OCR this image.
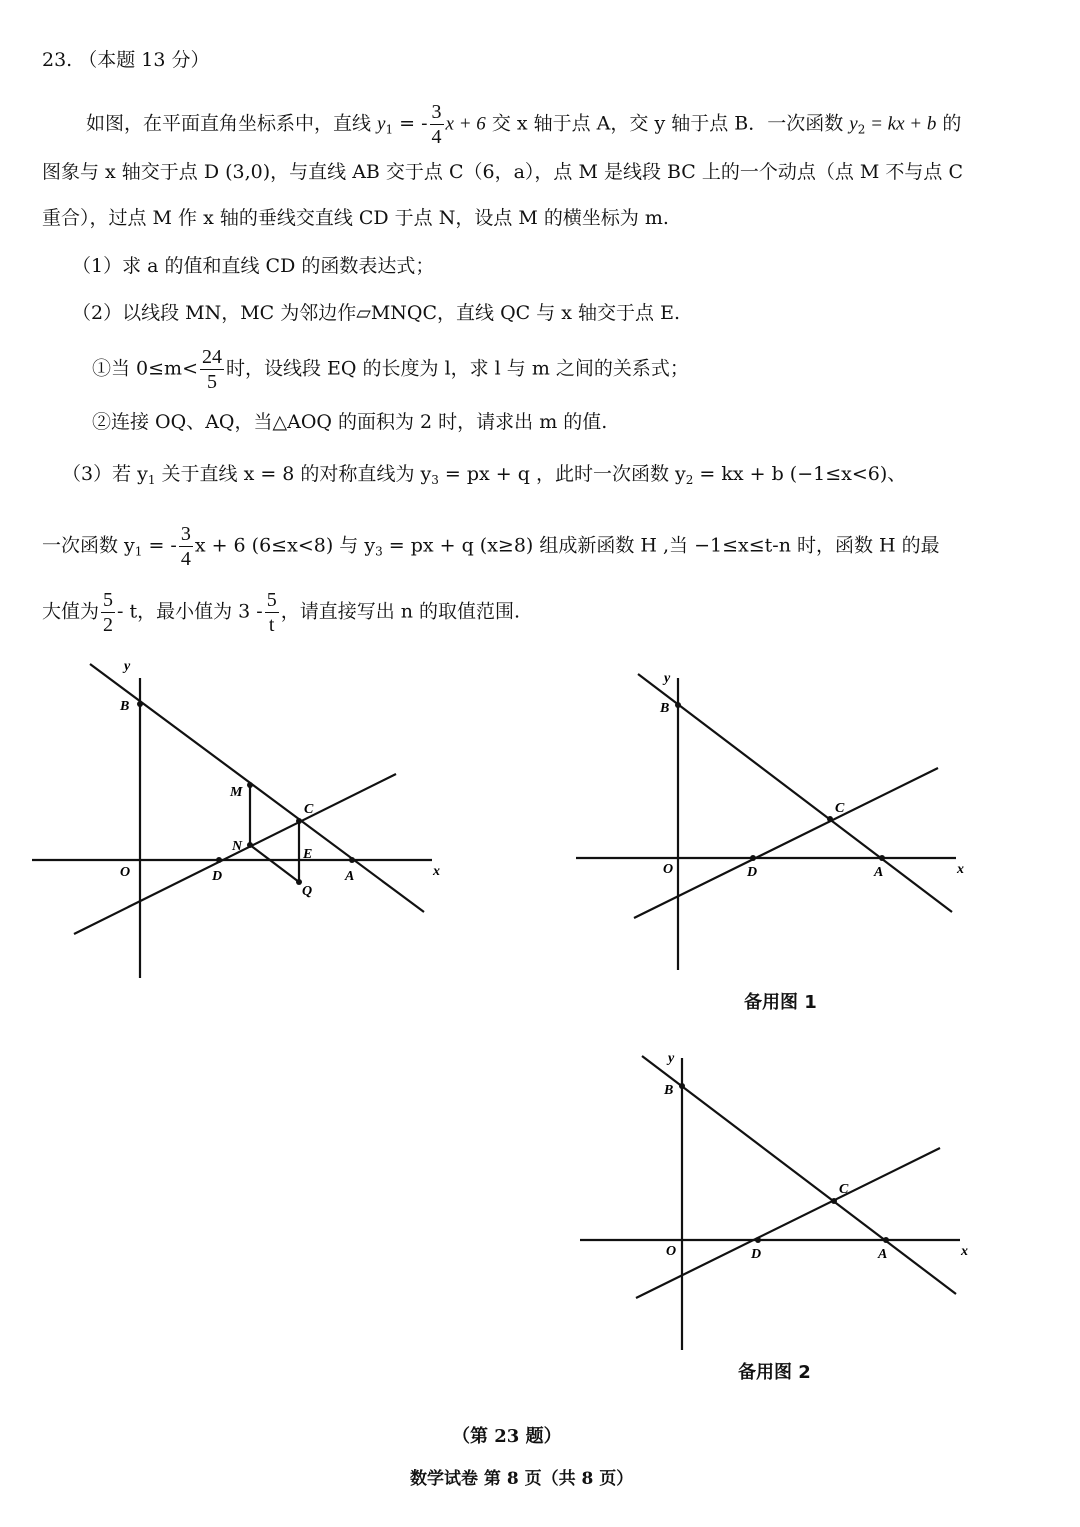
23. （本题 13 分）
如图，在平面直角坐标系中，直线 $y_1$ = - $\frac{3}{4}$ x + 6 交 x 轴于点 A，交 y 轴于点 B．一次函数 $y_2$ = kx + b 的
图象与 x 轴交于点 D (3,0)，与直线 AB 交于点 C（6，a），点 M 是线段 BC 上的一个动点（点 M 不与点 C
重合），过点 M 作 x 轴的垂线交直线 CD 于点 N，设点 M 的横坐标为 m.
（1）求 a 的值和直线 CD 的函数表达式；
（2）以线段 MN，MC 为邻边作▱MNQC，直线 QC 与 x 轴交于点 E.
①当 $0\le m< \frac{24}{5}$ 时，设线段 EQ 的长度为 l，求 l 与 m 之间的关系式；
②连接 OQ、AQ，当△AOQ 的面积为 2 时，请求出 m 的值.
（3）若 $y_1$ 关于直线 x = 8 的对称直线为 $y_3$ = px + q ，此时一次函数 $y_2$ = kx + b (−1≤x<6)、
一次函数 $y_1$ = - $\frac{3}{4}$ x + 6 (6≤x<8) 与 $y_3$ = px + q (x≥8) 组成新函数 H ,当 −1≤x≤t-n 时，函数 H 的最
大值为 $\frac{5}{2}$ - t，最小值为 $3 - \frac{5}{t}$ ，请直接写出 n 的取值范围.
y
B
M
C
N
E
O	D	A
Q
x
y
B
C
O	D	A	x
备用图 1
y
B
C
O	D	A	x
备用图 2
（第 23 题）
数学试卷 第 8 页（共 8 页）
